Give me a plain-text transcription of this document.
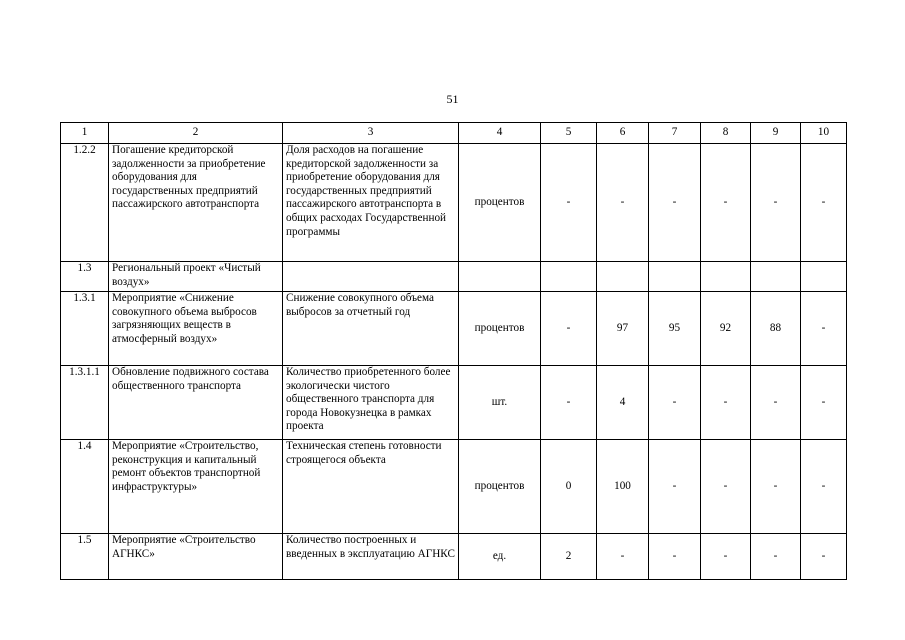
51
1	2	3	4	5	6	7	8	9	10
1.2.2	Погашение кредиторской задолженности за приобретение оборудования для государственных предприятий пассажирского автотранспорта	Доля расходов на погашение кредиторской задолженности за приобретение оборудования для государственных предприятий пассажирского автотранспорта в общих расходах Государственной программы	процентов	-	-	-	-	-	-
1.3	Региональный проект «Чистый воздух»								
1.3.1	Мероприятие «Снижение совокупного объема выбросов загрязняющих веществ в атмосферный воздух»	Снижение совокупного объема выбросов за отчетный год	процентов	-	97	95	92	88	-
1.3.1.1	Обновление подвижного состава общественного транспорта	Количество приобретенного более экологически чистого общественного транспорта для города Новокузнецка в рамках проекта	шт.	-	4	-	-	-	-
1.4	Мероприятие «Строительство, реконструкция и капитальный ремонт объектов транспортной инфраструктуры»	Техническая степень готовности строящегося объекта	процентов	0	100	-	-	-	-
1.5	Мероприятие «Строительство АГНКС»	Количество построенных и введенных в эксплуатацию АГНКС	ед.	2	-	-	-	-	-
